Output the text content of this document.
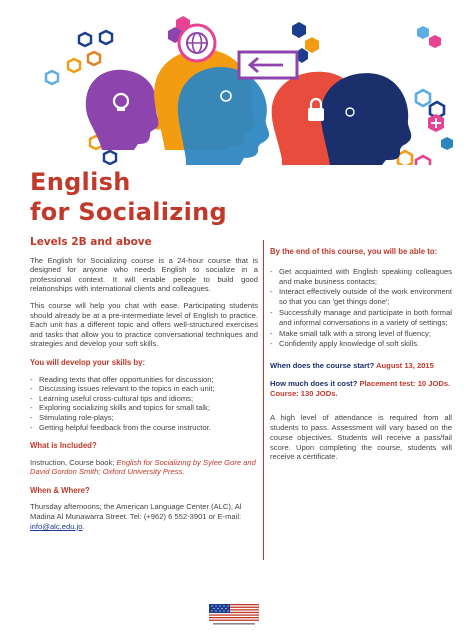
English
for Socializing
Levels 2B and above

The English for Socializing course is a 24-hour course that is designed for anyone who needs English to socialize in a professional context. It will enable people to build good relationships with international clients and colleagues.

This course will help you chat with ease. Participating students should already be at a pre-intermediate level of English to practice. Each unit has a different topic and offers well-structured exercises and tasks that allow you to practice conversational techniques and strategies and develop your soft skills.

You will develop your skills by:
- Reading texts that offer opportunities for discussion;
- Discussing issues relevant to the topics in each unit;
- Learning useful cross-cultural tips and idioms;
- Exploring socializing skills and topics for small talk;
- Stimulating role-plays;
- Getting helpful feedback from the course instructor.
What is Included?

Instruction, Course book; English for Socializing by Sylee Gore and David Gordon Smith; Oxford University Press.

When & Where?

Thursday afternoons; the American Language Center (ALC), Al Madina Al Munawarra Street. Tel: (+962) 6 552-3901 or E-mail: info@alc.edu.jo.

By the end of this course, you will be able to:
- Get acquainted with English speaking colleagues and make business contacts;
- Interact effectively outside of the work environment so that you can 'get things done';
- Successfully manage and participate in both formal and informal conversations in a variety of settings;
- Make small talk with a strong level of fluency;
- Confidently apply knowledge of soft skills.

When does the course start? August 13, 2015

How much does it cost? Placement test: 10 JODs. Course: 130 JODs.

A high level of attendance is required from all students to pass. Assessment will vary based on the course objectives. Students will receive a pass/fail score. Upon completing the course, students will receive a certificate.
